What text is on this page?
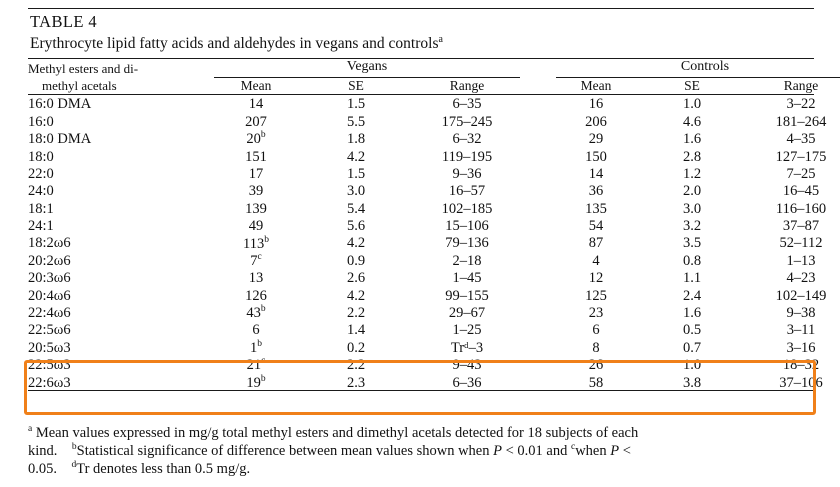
TABLE 4
Erythrocyte lipid fatty acids and aldehydes in vegans and controls$^a$
Methyl esters and di-
methyl acetals	Vegans				Controls		

	Mean	SE	Range		Mean	SE	Range
16:0 DMA	14	1.5	6–35		16	1.0	3–22
16:0	207	5.5	175–245		206	4.6	181–264
18:0 DMA	20$^b$	1.8	6–32		29	1.6	4–35
18:0	151	4.2	119–195		150	2.8	127–175
22:0	17	1.5	9–36		14	1.2	7–25
24:0	39	3.0	16–57		36	2.0	16–45
18:1	139	5.4	102–185		135	3.0	116–160
24:1	49	5.6	15–106		54	3.2	37–87
18:2ω6	113$^b$	4.2	79–136		87	3.5	52–112
20:2ω6	7$^c$	0.9	2–18		4	0.8	1–13
20:3ω6	13	2.6	1–45		12	1.1	4–23
20:4ω6	126	4.2	99–155		125	2.4	102–149
22:4ω6	43$^b$	2.2	29–67		23	1.6	9–38
22:5ω6	6	1.4	1–25		6	0.5	3–11
20:5ω3	1$^b$	0.2	Trᵈ–3		8	0.7	3–16
22:5ω3	21$^c$	2.2	9–43		26	1.0	18–32
22:6ω3	19$^b$	2.3	6–36		58	3.8	37–106
$^a$ Mean values expressed in mg/g total methyl esters and dimethyl acetals detected for 18 subjects of each
kind. $^b$Statistical significance of difference between mean values shown when P < 0.01 and $^c$when P <
0.05. $^d$Tr denotes less than 0.5 mg/g.
